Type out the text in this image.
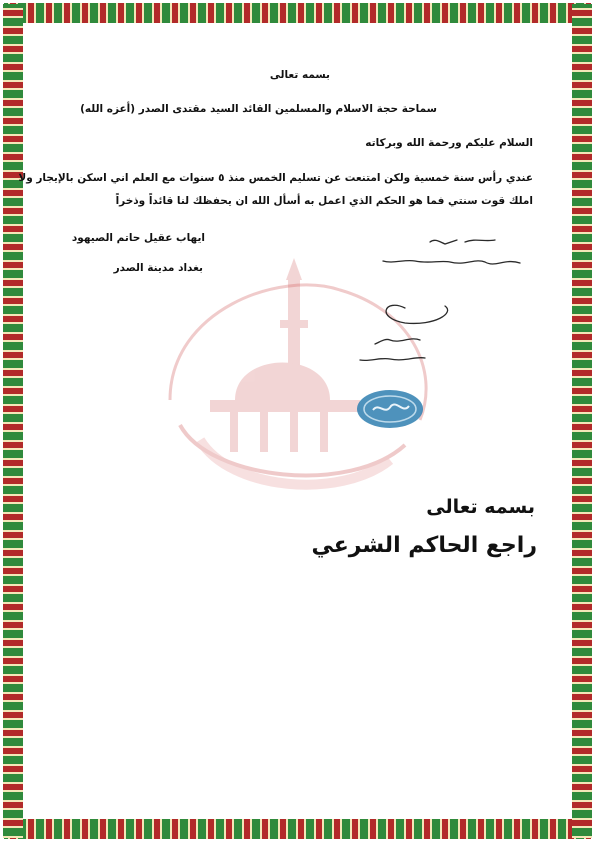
بسمه تعالى
سماحة حجة الاسلام والمسلمين القائد السيد مقتدى الصدر (أعزه الله)
السلام عليكم ورحمة الله وبركاته
عندي رأس سنة خمسية ولكن امتنعت عن تسليم الخمس منذ ٥ سنوات مع العلم اني اسكن بالإيجار ولا
املك قوت سنتي فما هو الحكم الذي اعمل به أسأل الله ان يحفظك لنا قائداً وذخراً
ايهاب عقيل حاتم الصيهود
بغداد مدينة الصدر
بسمه تعالى
راجع الحاكم الشرعي
